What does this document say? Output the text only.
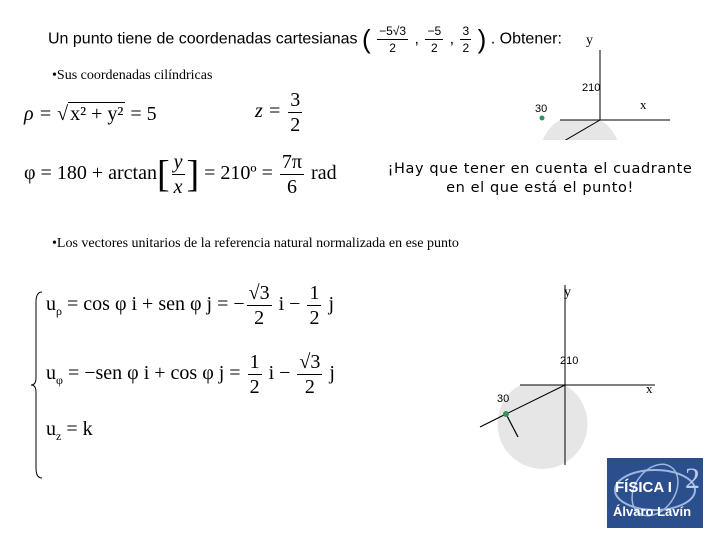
Un punto tiene de coordenadas cartesianas ( $\frac{-5√3}{2}$ , $\frac{-5}{2}$ , $\frac{3}{2}$ ) . Obtener:
•Sus coordenadas cilíndricas
ρ = √ x² + y² = 5	$z = \frac{3}{2}$
$\varphi = 180 + \arctan[ \frac{y}{x}$ ] = 210º = $\frac{7\pi}{6}$ rad	¡Hay que tener en cuenta el cuadrante
en el que está el punto!
y
x
210
30
•Los vectores unitarios de la referencia natural normalizada en ese punto
$u_\rho = \cos \varphi$ i + sen φ j = − $\frac{√3}{2}$ $i - \frac{1}{2}$ j
$u_\varphi = -sen$ φ i + cos φ $j = \frac{1}{2}$ $i - \frac{√3}{2}$ j
$u_z = k$
y
x
210
30
2
FÍSICA I
Álvaro Lavín
